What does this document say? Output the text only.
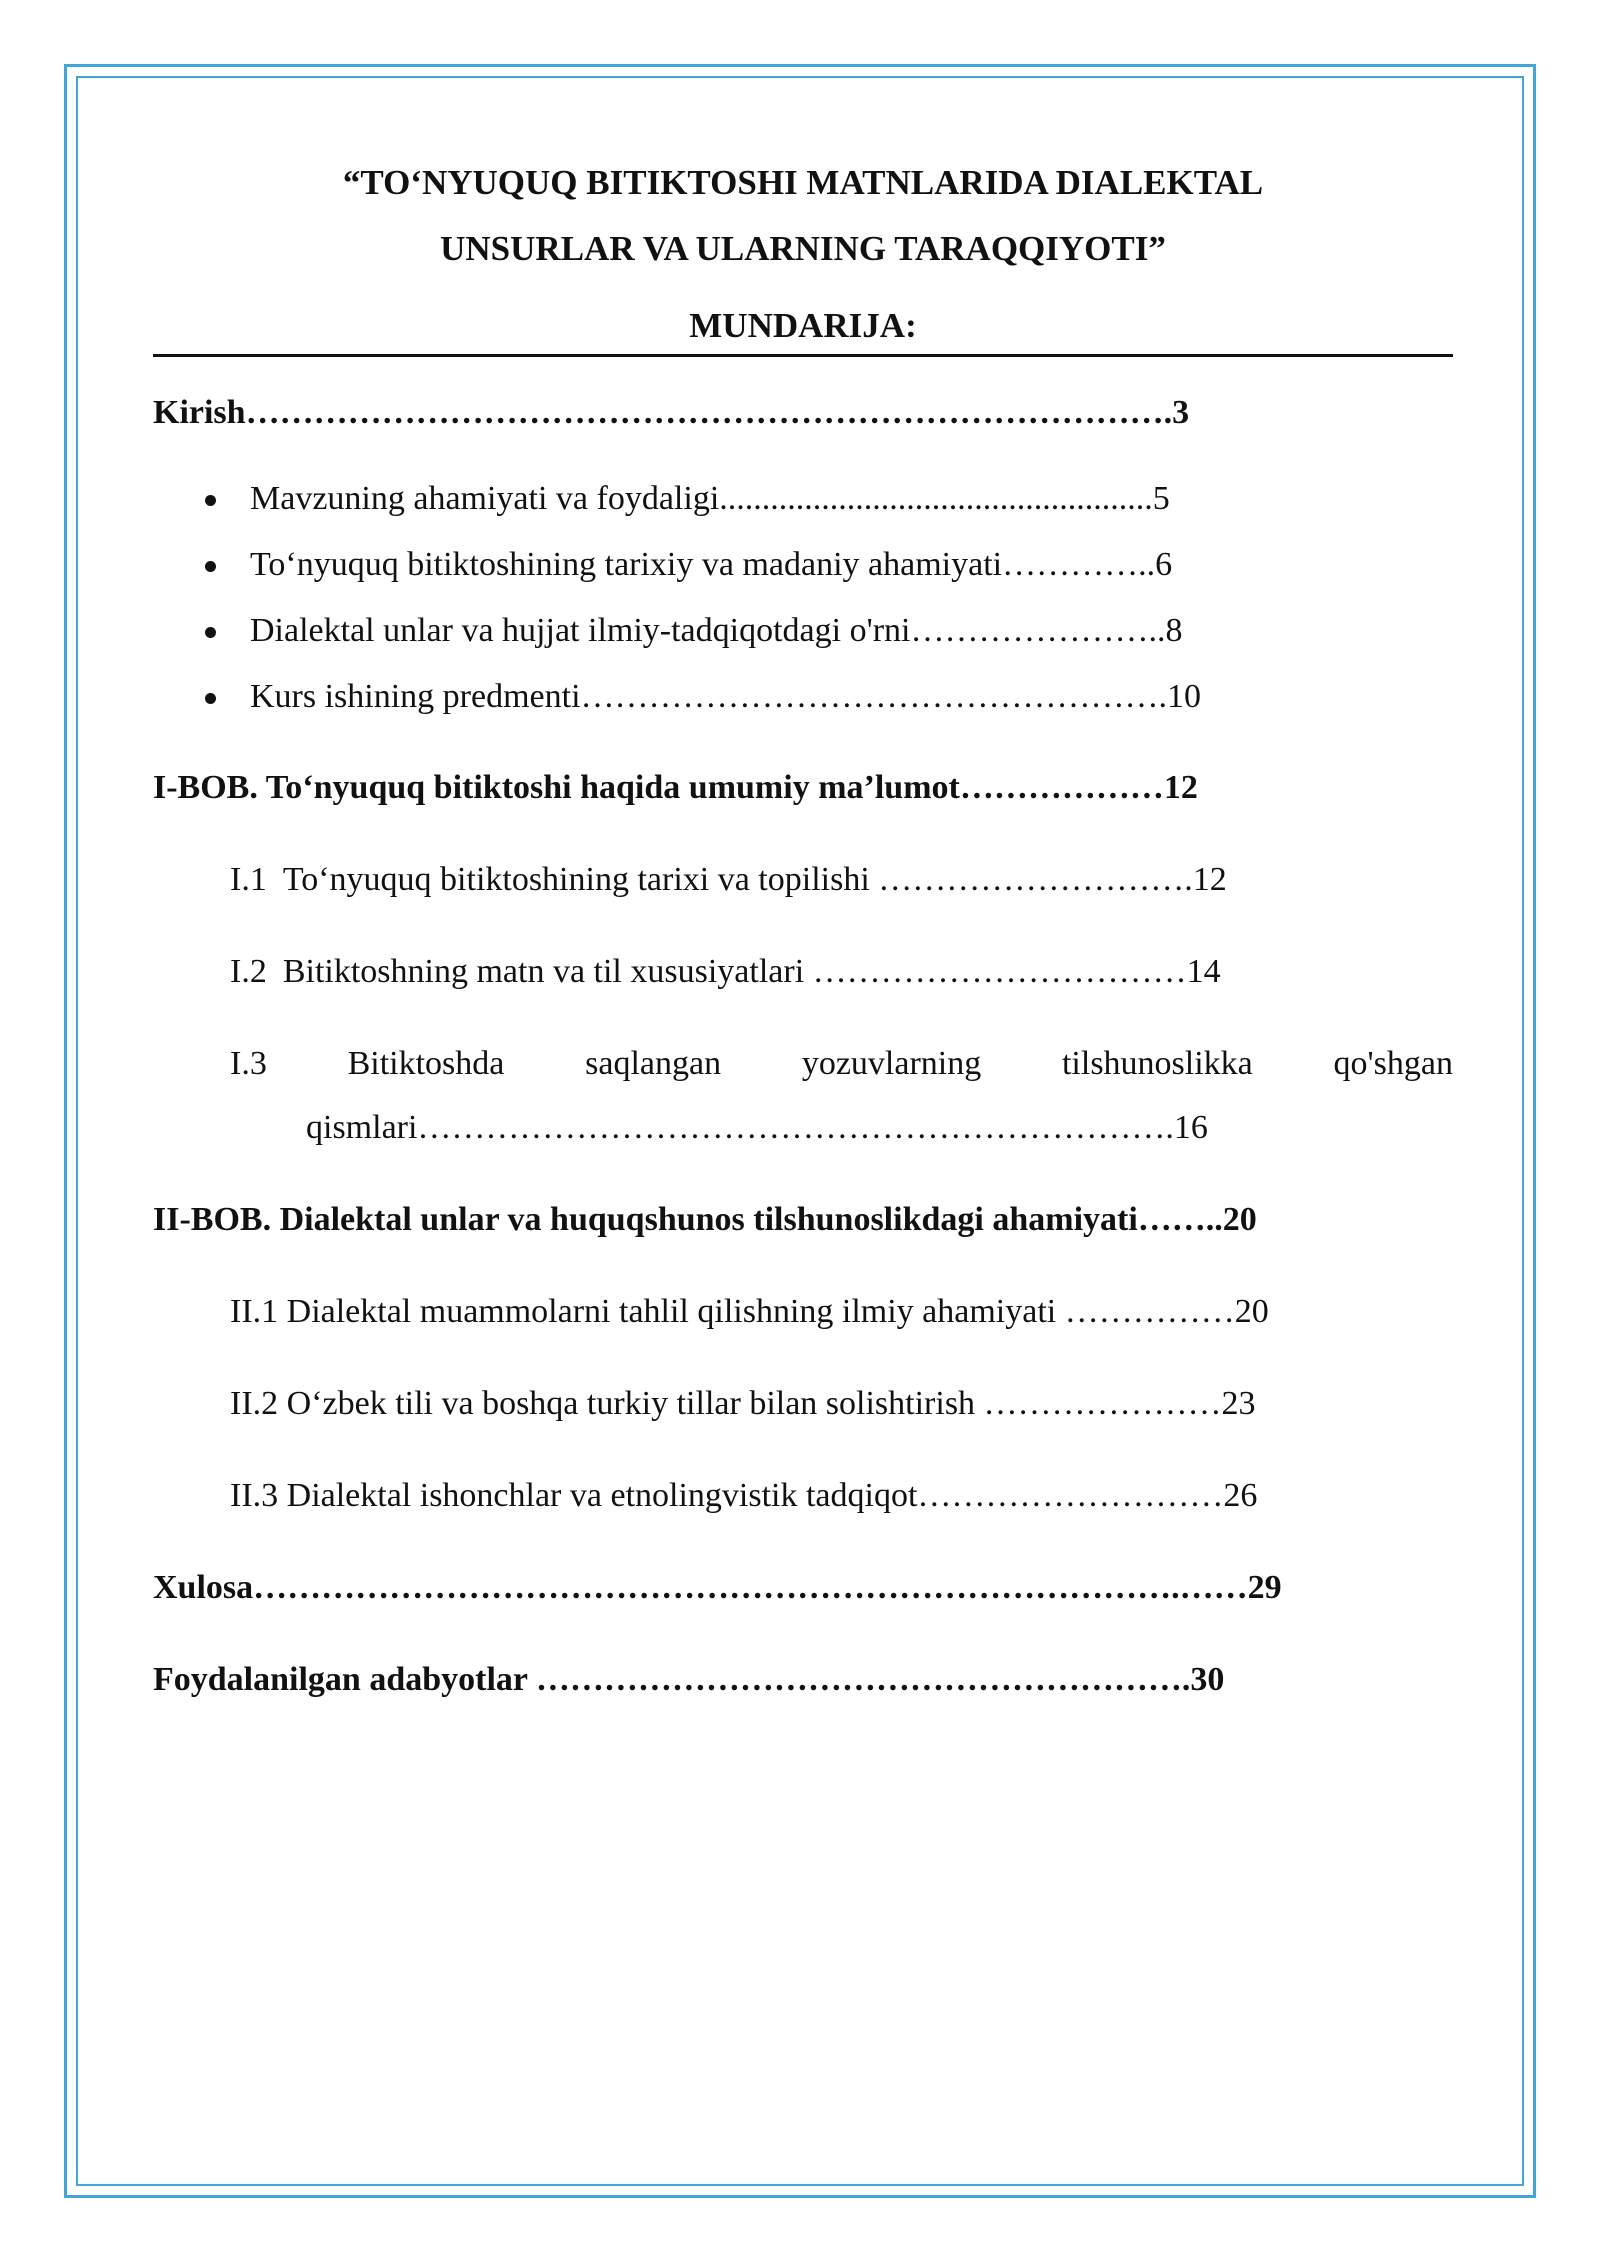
“TO‘NYUQUQ BITIKTOSHI MATNLARIDA DIALEKTAL

UNSURLAR VA ULARNING TARAQQIYOTI”

MUNDARIJA:
Kirish……………………………………………………………………….3
Mavzuning ahamiyati va foydaligi...................................................5
To‘nyuquq bitiktoshining tarixiy va madaniy ahamiyati…………..6
Dialektal unlar va hujjat ilmiy-tadqiqotdagi o'rni…………………..8
Kurs ishining predmenti…………………………………………….10
I-BOB. To‘nyuquq bitiktoshi haqida umumiy ma’lumot………………12
I.1 To‘nyuquq bitiktoshining tarixi va topilishi ……………………….12
I.2 Bitiktoshning matn va til xususiyatlari ……………………………14
I.3 Bitiktoshda saqlangan yozuvlarning tilshunoslikka qo'shgan
qismlari………………………………………………………….16
II-BOB. Dialektal unlar va huquqshunos tilshunoslikdagi ahamiyati……..20
II.1 Dialektal muammolarni tahlil qilishning ilmiy ahamiyati ……………20
II.2 O‘zbek tili va boshqa turkiy tillar bilan solishtirish …………………23
II.3 Dialektal ishonchlar va etnolingvistik tadqiqot………………………26
Xulosa……………………………………………………………………….……29
Foydalanilgan adabyotlar ………………………………………………….30
